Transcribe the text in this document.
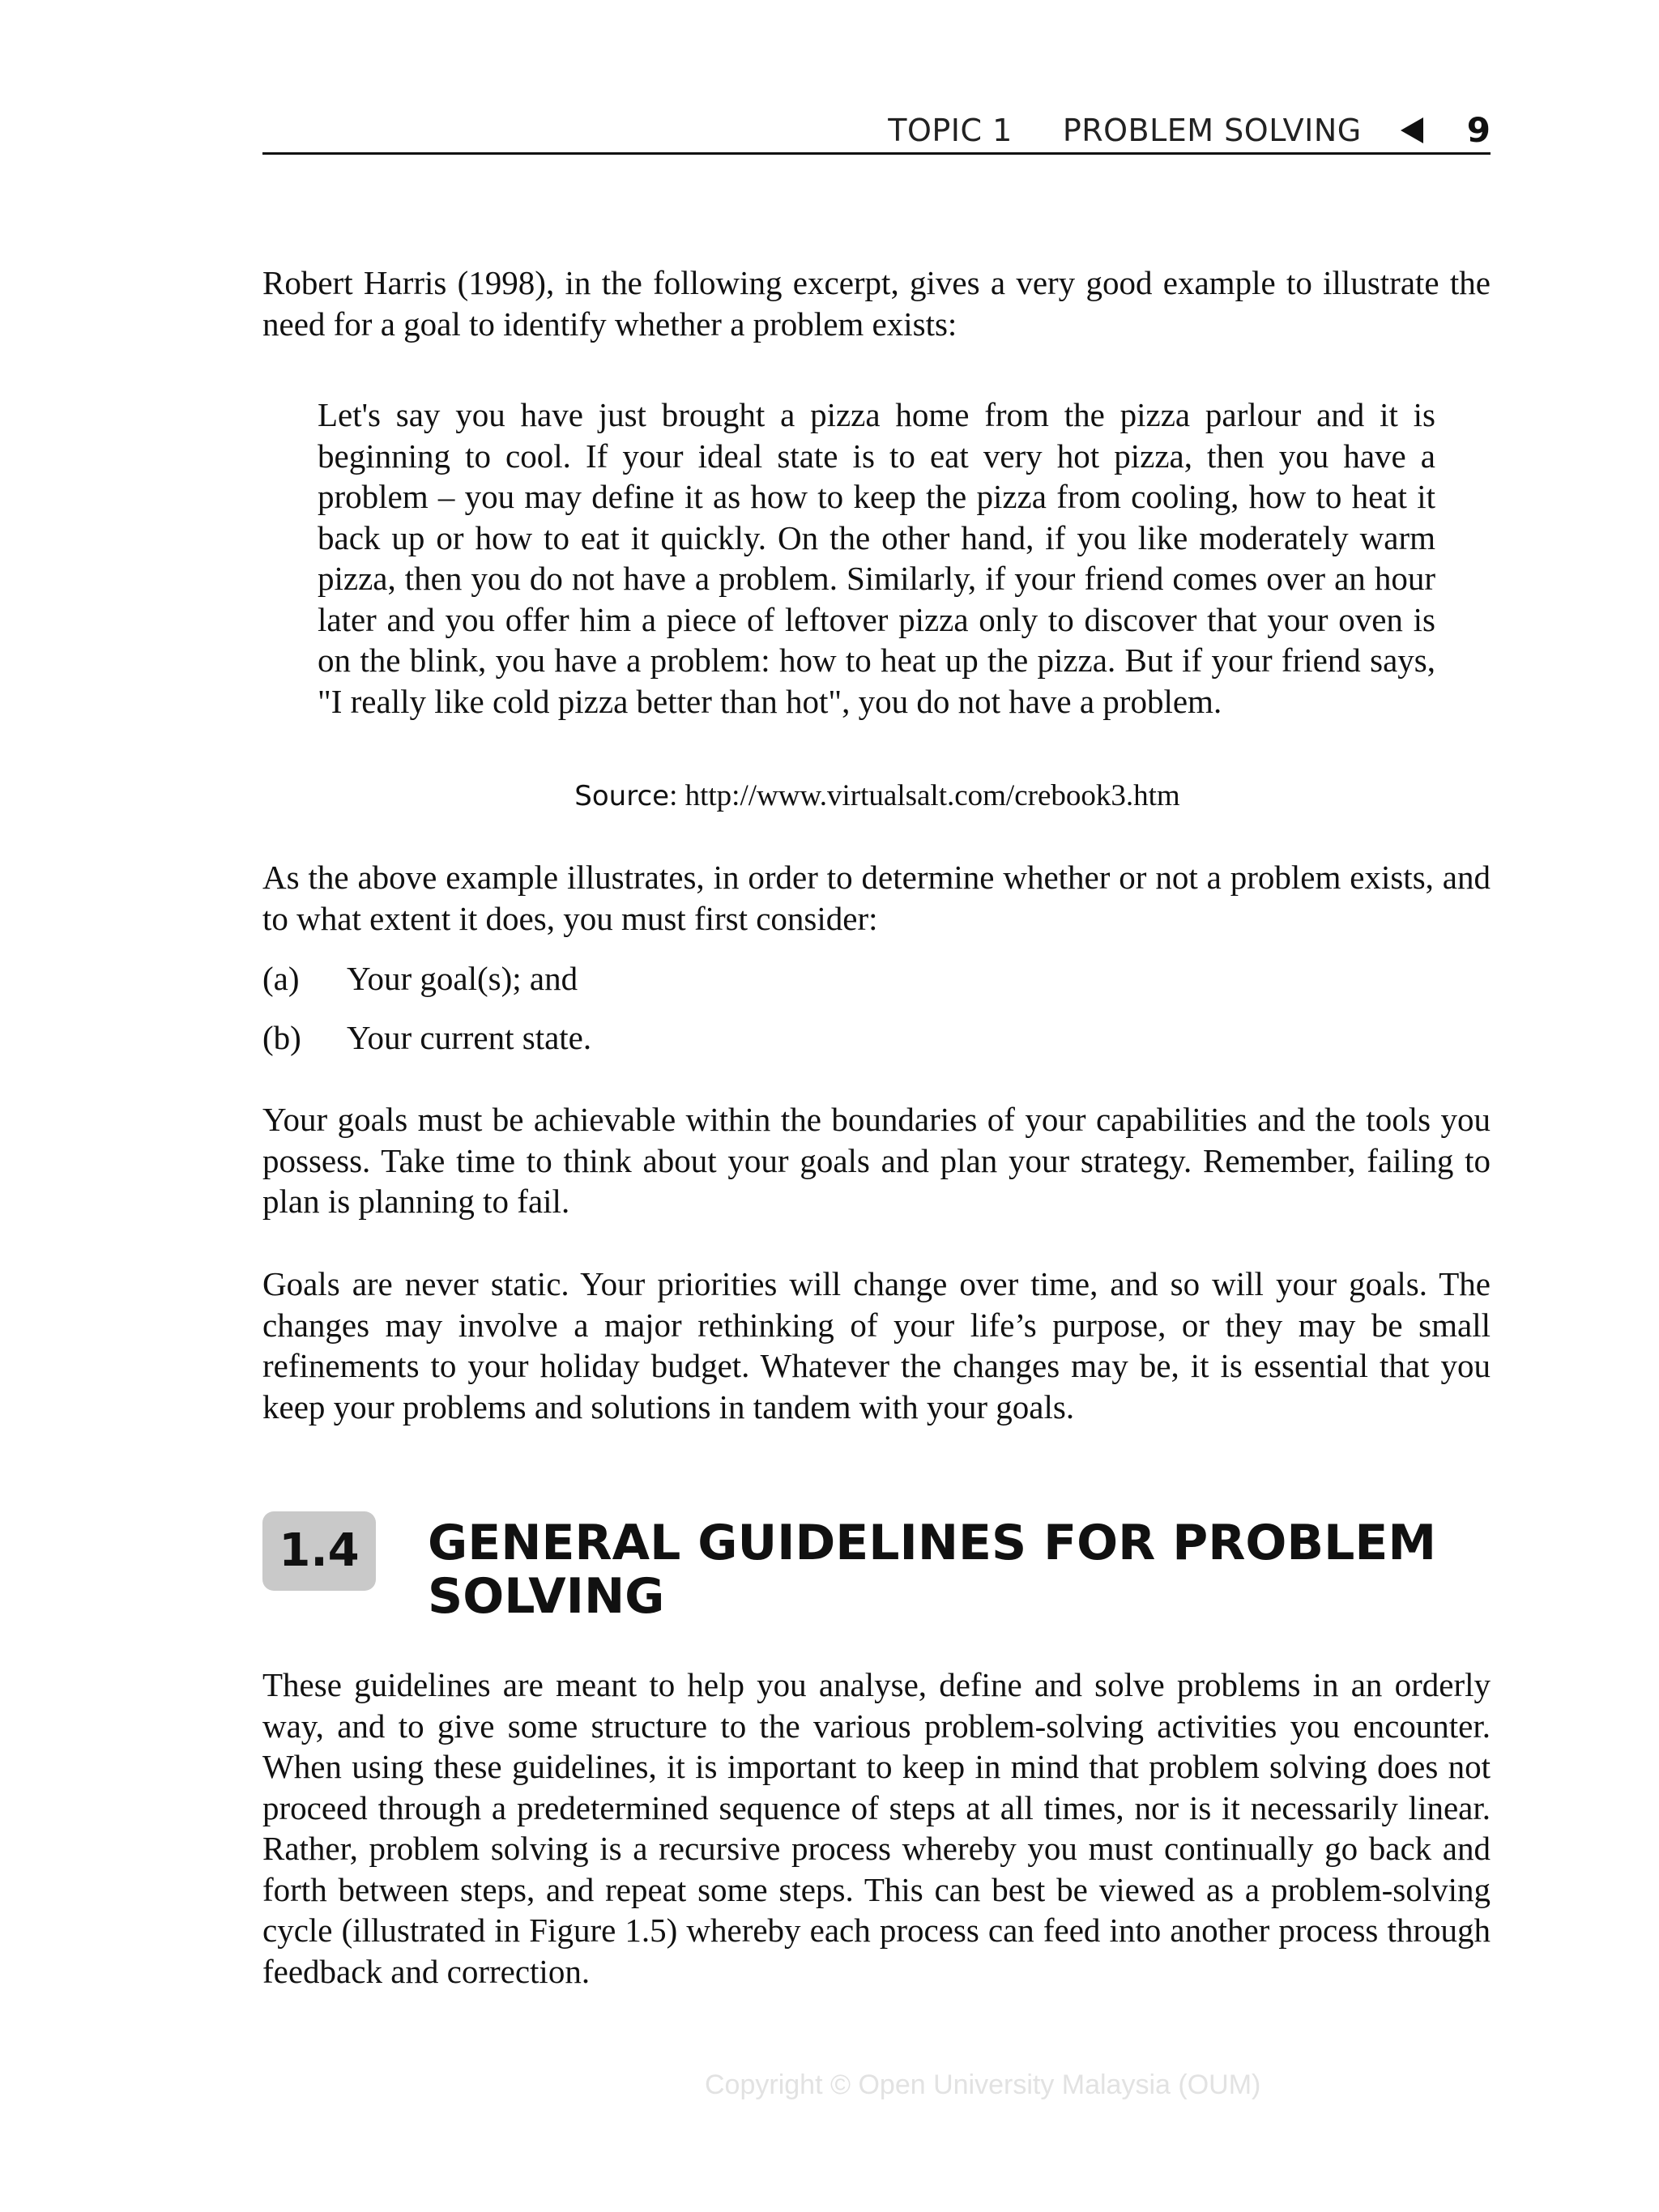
TOPIC 1 PROBLEM SOLVING	9
Robert Harris (1998), in the following excerpt, gives a very good example to illustrate the need for a goal to identify whether a problem exists:
Let's say you have just brought a pizza home from the pizza parlour and it is beginning to cool. If your ideal state is to eat very hot pizza, then you have a problem – you may define it as how to keep the pizza from cooling, how to heat it back up or how to eat it quickly. On the other hand, if you like moderately warm pizza, then you do not have a problem. Similarly, if your friend comes over an hour later and you offer him a piece of leftover pizza only to discover that your oven is on the blink, you have a problem: how to heat up the pizza. But if your friend says, "I really like cold pizza better than hot", you do not have a problem.
Source: http://www.virtualsalt.com/crebook3.htm
As the above example illustrates, in order to determine whether or not a problem exists, and to what extent it does, you must first consider:
(a) Your goal(s); and
(b) Your current state.
Your goals must be achievable within the boundaries of your capabilities and the tools you possess. Take time to think about your goals and plan your strategy. Remember, failing to plan is planning to fail.
Goals are never static. Your priorities will change over time, and so will your goals. The changes may involve a major rethinking of your life’s purpose, or they may be small refinements to your holiday budget. Whatever the changes may be, it is essential that you keep your problems and solutions in tandem with your goals.
1.4	GENERAL GUIDELINES FOR PROBLEM SOLVING
These guidelines are meant to help you analyse, define and solve problems in an orderly way, and to give some structure to the various problem-solving activities you encounter. When using these guidelines, it is important to keep in mind that problem solving does not proceed through a predetermined sequence of steps at all times, nor is it necessarily linear. Rather, problem solving is a recursive process whereby you must continually go back and forth between steps, and repeat some steps. This can best be viewed as a problem-solving cycle (illustrated in Figure 1.5) whereby each process can feed into another process through feedback and correction.
Copyright © Open University Malaysia (OUM)
